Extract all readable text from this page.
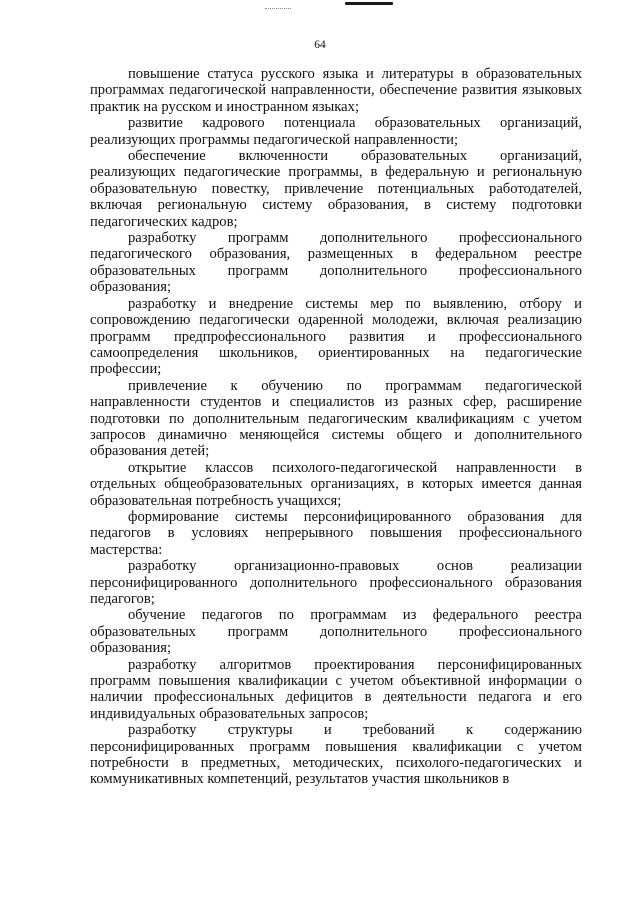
64

повышение статуса русского языка и литературы в образовательных программах педагогической направленности, обеспечение развития языковых практик на русском и иностранном языках;

развитие кадрового потенциала образовательных организаций, реализующих программы педагогической направленности;

обеспечение включенности образовательных организаций, реализующих педагогические программы, в федеральную и региональную образовательную повестку, привлечение потенциальных работодателей, включая региональную систему образования, в систему подготовки педагогических кадров;

разработку программ дополнительного профессионального педагогического образования, размещенных в федеральном реестре образовательных программ дополнительного профессионального образования;

разработку и внедрение системы мер по выявлению, отбору и сопровождению педагогически одаренной молодежи, включая реализацию программ предпрофессионального развития и профессионального самоопределения школьников, ориентированных на педагогические профессии;

привлечение к обучению по программам педагогической направленности студентов и специалистов из разных сфер, расширение подготовки по дополнительным педагогическим квалификациям с учетом запросов динамично меняющейся системы общего и дополнительного образования детей;

открытие классов психолого-педагогической направленности в отдельных общеобразовательных организациях, в которых имеется данная образовательная потребность учащихся;

формирование системы персонифицированного образования для педагогов в условиях непрерывного повышения профессионального мастерства:

разработку организационно-правовых основ реализации персонифицированного дополнительного профессионального образования педагогов;

обучение педагогов по программам из федерального реестра образовательных программ дополнительного профессионального образования;

разработку алгоритмов проектирования персонифицированных программ повышения квалификации с учетом объективной информации о наличии профессиональных дефицитов в деятельности педагога и его индивидуальных образовательных запросов;

разработку структуры и требований к содержанию персонифицированных программ повышения квалификации с учетом потребности в предметных, методических, психолого-педагогических и коммуникативных компетенций, результатов участия школьников в
